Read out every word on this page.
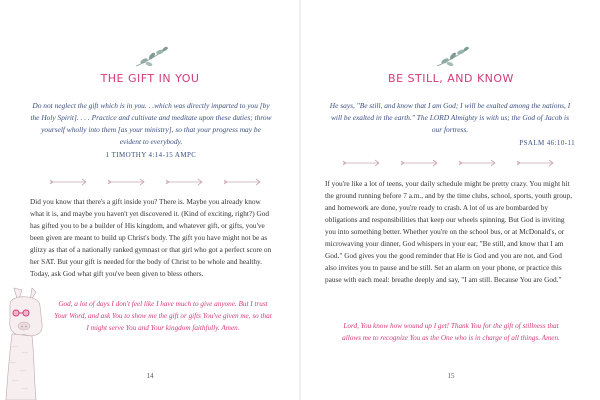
THE GIFT IN YOU
Do not neglect the gift which is in you. . .which was directly imparted to you [by the Holy Spirit]. . . . Practice and cultivate and meditate upon these duties; throw yourself wholly into them [as your ministry], so that your progress may be evident to everybody.
1 TIMOTHY 4:14-15 AMPC
Did you know that there's a gift inside you? There is. Maybe you already know what it is, and maybe you haven't yet discovered it. (Kind of exciting, right?) God has gifted you to be a builder of His kingdom, and whatever gift, or gifts, you've been given are meant to build up Christ's body. The gift you have might not be as glitzy as that of a nationally ranked gymnast or that girl who got a perfect score on her SAT. But your gift is needed for the body of Christ to be whole and healthy. Today, ask God what gift you've been given to bless others.
God, a lot of days I don't feel like I have much to give anyone. But I trust Your Word, and ask You to show me the gift or gifts You've given me, so that I might serve You and Your kingdom faithfully. Amen.
14
BE STILL, AND KNOW
He says, "Be still, and know that I am God; I will be exalted among the nations, I will be exalted in the earth." The LORD Almighty is with us; the God of Jacob is our fortress.
PSALM 46:10-11
If you're like a lot of teens, your daily schedule might be pretty crazy. You might hit the ground running before 7 a.m., and by the time clubs, school, sports, youth group, and homework are done, you're ready to crash. A lot of us are bombarded by obligations and responsibilities that keep our wheels spinning. But God is inviting you into something better. Whether you're on the school bus, or at McDonald's, or microwaving your dinner, God whispers in your ear, "Be still, and know that I am God." God gives you the good reminder that He is God and you are not, and God also invites you to pause and be still. Set an alarm on your phone, or practice this pause with each meal: breathe deeply and say, "I am still. Because You are God."
Lord, You know how wound up I get! Thank You for the gift of stillness that allows me to recognize You as the One who is in charge of all things. Amen.
15
